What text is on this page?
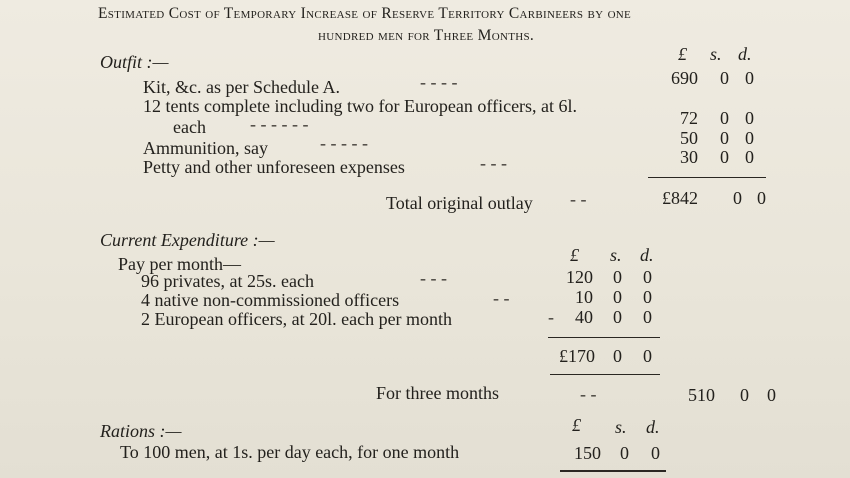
Estimated Cost of Temporary Increase of Reserve Territory Carbineers by one
hundred men for Three Months.
£ s. d.
Outfit :—
Kit, &c. as per Schedule A.	- - - -	690 0 0
12 tents complete including two for European officers, at 6l.
each - - - - - -	72 0 0
Ammunition, say	- - - - -	50 0 0
Petty and other unforeseen expenses	- - -	30 0 0
Total original outlay - -	£842 0 0
Current Expenditure :—
£ s. d.
Pay per month—
96 privates, at 25s. each	- - -	120 0 0
4 native non-commissioned officers	- -	10 0 0
2 European officers, at 20l. each per month	-	40 0 0
£170 0 0
For three months	- -	510 0 0
Rations :—	£ s. d.
To 100 men, at 1s. per day each, for one month	150 0 0
